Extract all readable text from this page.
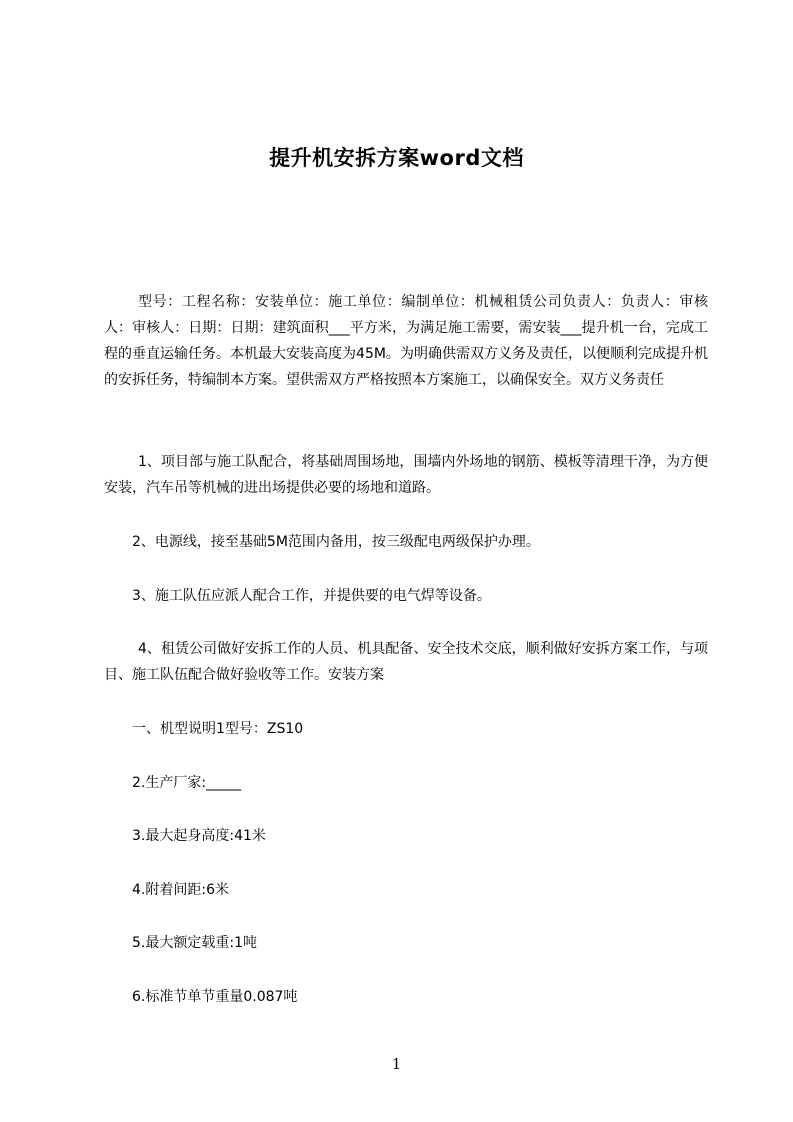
提升机安拆方案word文档

型号：工程名称：安装单位：施工单位：编制单位：机械租赁公司负责人：负责人：审核人：审核人：日期：日期：建筑面积___平方米，为满足施工需要，需安装___提升机一台，完成工程的垂直运输任务。本机最大安装高度为45M。为明确供需双方义务及责任，以便顺利完成提升机的安拆任务，特编制本方案。望供需双方严格按照本方案施工，以确保安全。双方义务责任

1、项目部与施工队配合，将基础周围场地，围墙内外场地的钢筋、模板等清理干净，为方便安装，汽车吊等机械的进出场提供必要的场地和道路。

2、电源线，接至基础5M范围内备用，按三级配电两级保护办理。

3、施工队伍应派人配合工作，并提供要的电气焊等设备。

4、租赁公司做好安拆工作的人员、机具配备、安全技术交底，顺利做好安拆方案工作，与项目、施工队伍配合做好验收等工作。安装方案

一、机型说明1型号：ZS10

2.生产厂家:_____

3.最大起身高度:41米

4.附着间距:6米

5.最大额定载重:1吨

6.标准节单节重量0.087吨

1
